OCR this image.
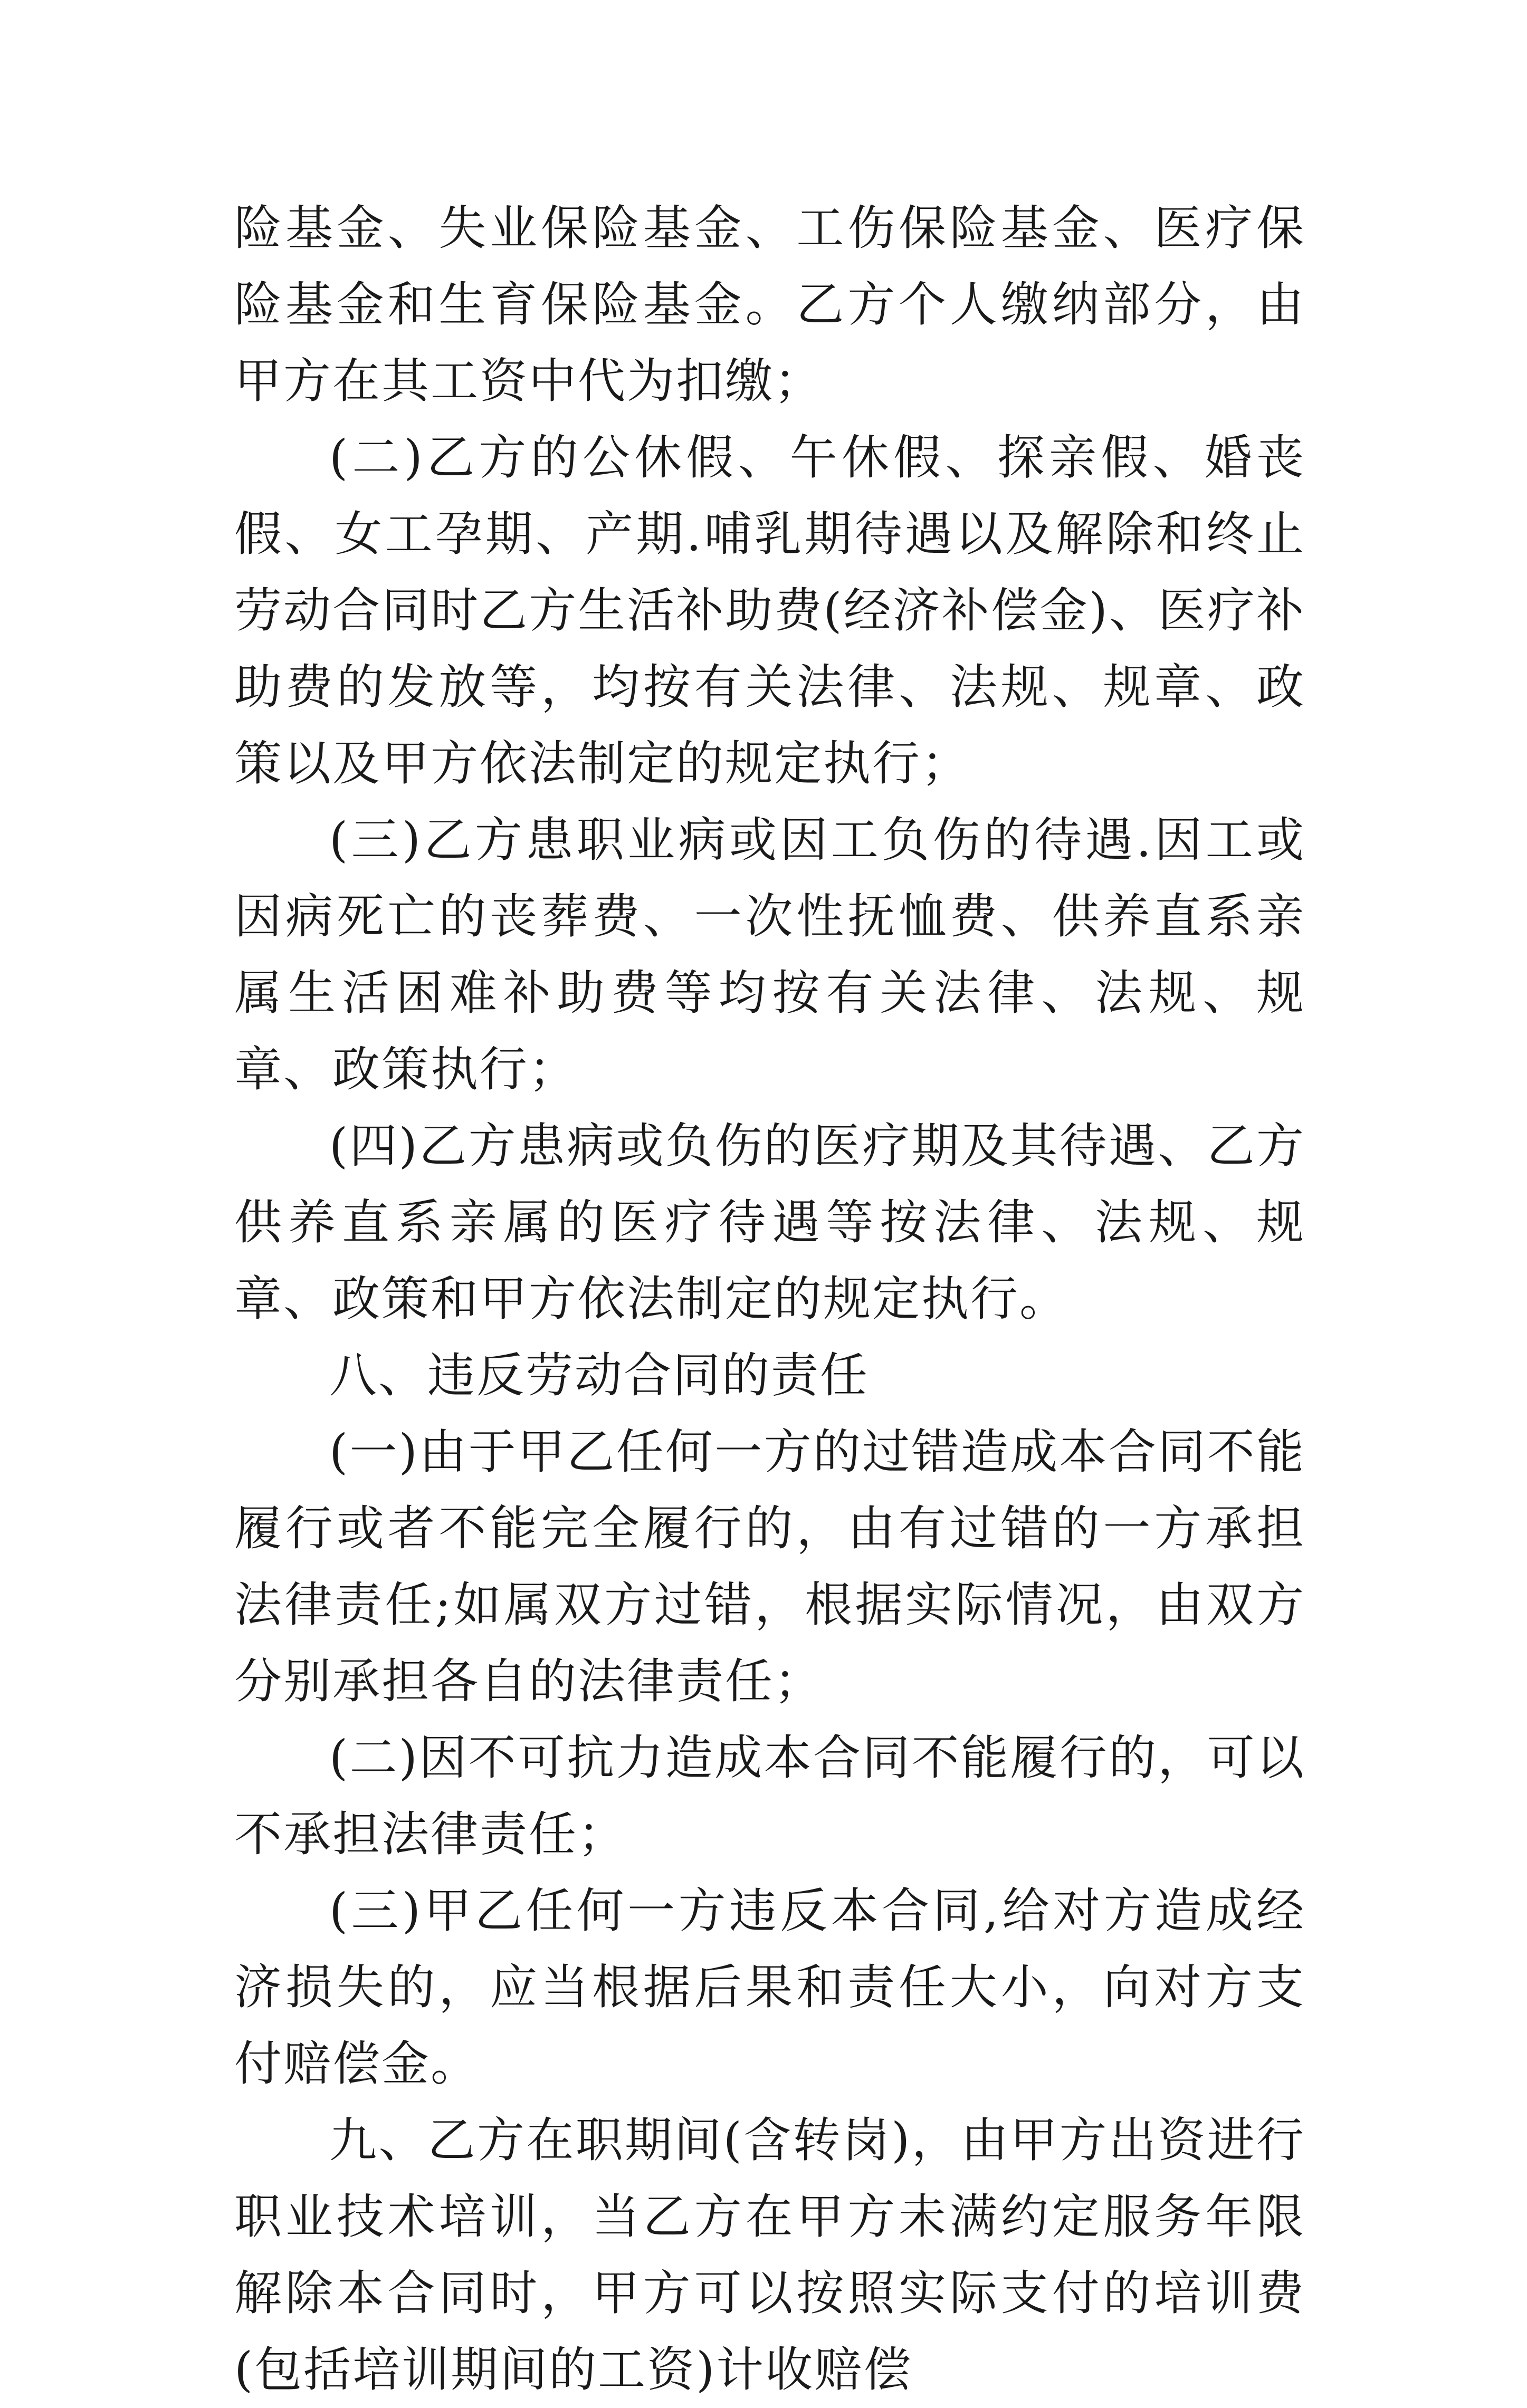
险基金、失业保险基金、工伤保险基金、医疗保险基金和生育保险基金。乙方个人缴纳部分，由甲方在其工资中代为扣缴；

(二)乙方的公休假、午休假、探亲假、婚丧假、女工孕期、产期.哺乳期待遇以及解除和终止劳动合同时乙方生活补助费(经济补偿金)、医疗补助费的发放等，均按有关法律、法规、规章、政策以及甲方依法制定的规定执行；

(三)乙方患职业病或因工负伤的待遇.因工或因病死亡的丧葬费、一次性抚恤费、供养直系亲属生活困难补助费等均按有关法律、法规、规章、政策执行；

(四)乙方患病或负伤的医疗期及其待遇、乙方供养直系亲属的医疗待遇等按法律、法规、规章、政策和甲方依法制定的规定执行。

八、违反劳动合同的责任

(一)由于甲乙任何一方的过错造成本合同不能履行或者不能完全履行的，由有过错的一方承担法律责任;如属双方过错，根据实际情况，由双方分别承担各自的法律责任；

(二)因不可抗力造成本合同不能履行的，可以不承担法律责任；

(三)甲乙任何一方违反本合同,给对方造成经济损失的，应当根据后果和责任大小，向对方支付赔偿金。

九、乙方在职期间(含转岗)，由甲方出资进行职业技术培训，当乙方在甲方未满约定服务年限解除本合同时，甲方可以按照实际支付的培训费(包括培训期间的工资)计收赔偿
